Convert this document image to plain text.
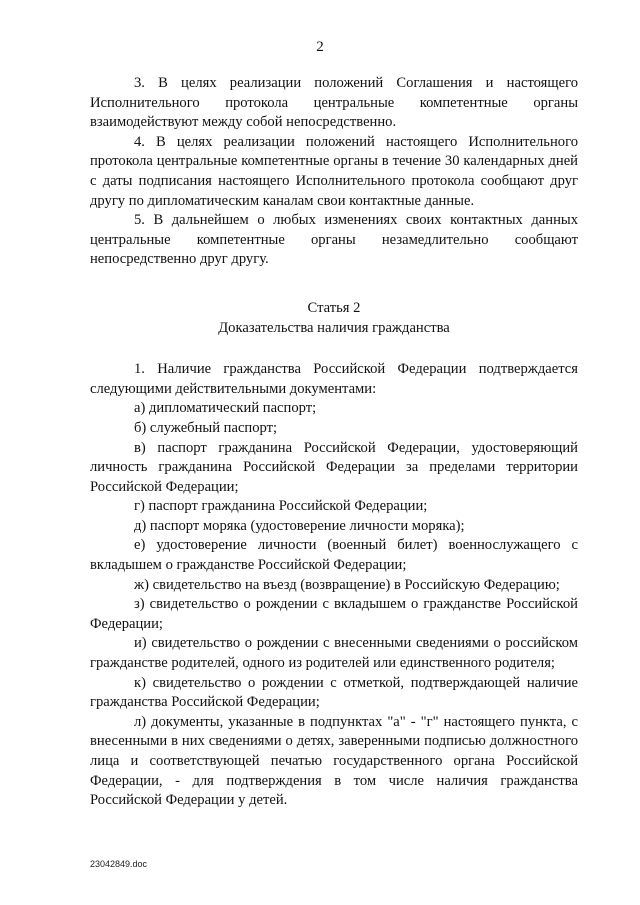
2

3. В целях реализации положений Соглашения и настоящего Исполнительного протокола центральные компетентные органы взаимодействуют между собой непосредственно.

4. В целях реализации положений настоящего Исполнительного протокола центральные компетентные органы в течение 30 календарных дней с даты подписания настоящего Исполнительного протокола сообщают друг другу по дипломатическим каналам свои контактные данные.

5. В дальнейшем о любых изменениях своих контактных данных центральные компетентные органы незамедлительно сообщают непосредственно друг другу.

Статья 2

Доказательства наличия гражданства

1. Наличие гражданства Российской Федерации подтверждается следующими действительными документами:

а) дипломатический паспорт;

б) служебный паспорт;

в) паспорт гражданина Российской Федерации, удостоверяющий личность гражданина Российской Федерации за пределами территории Российской Федерации;

г) паспорт гражданина Российской Федерации;

д) паспорт моряка (удостоверение личности моряка);

е) удостоверение личности (военный билет) военнослужащего с вкладышем о гражданстве Российской Федерации;

ж) свидетельство на въезд (возвращение) в Российскую Федерацию;

з) свидетельство о рождении с вкладышем о гражданстве Российской Федерации;

и) свидетельство о рождении с внесенными сведениями о российском гражданстве родителей, одного из родителей или единственного родителя;

к) свидетельство о рождении с отметкой, подтверждающей наличие гражданства Российской Федерации;

л) документы, указанные в подпунктах "а" - "г" настоящего пункта, с внесенными в них сведениями о детях, заверенными подписью должностного лица и соответствующей печатью государственного органа Российской Федерации, - для подтверждения в том числе наличия гражданства Российской Федерации у детей.

23042849.doc
